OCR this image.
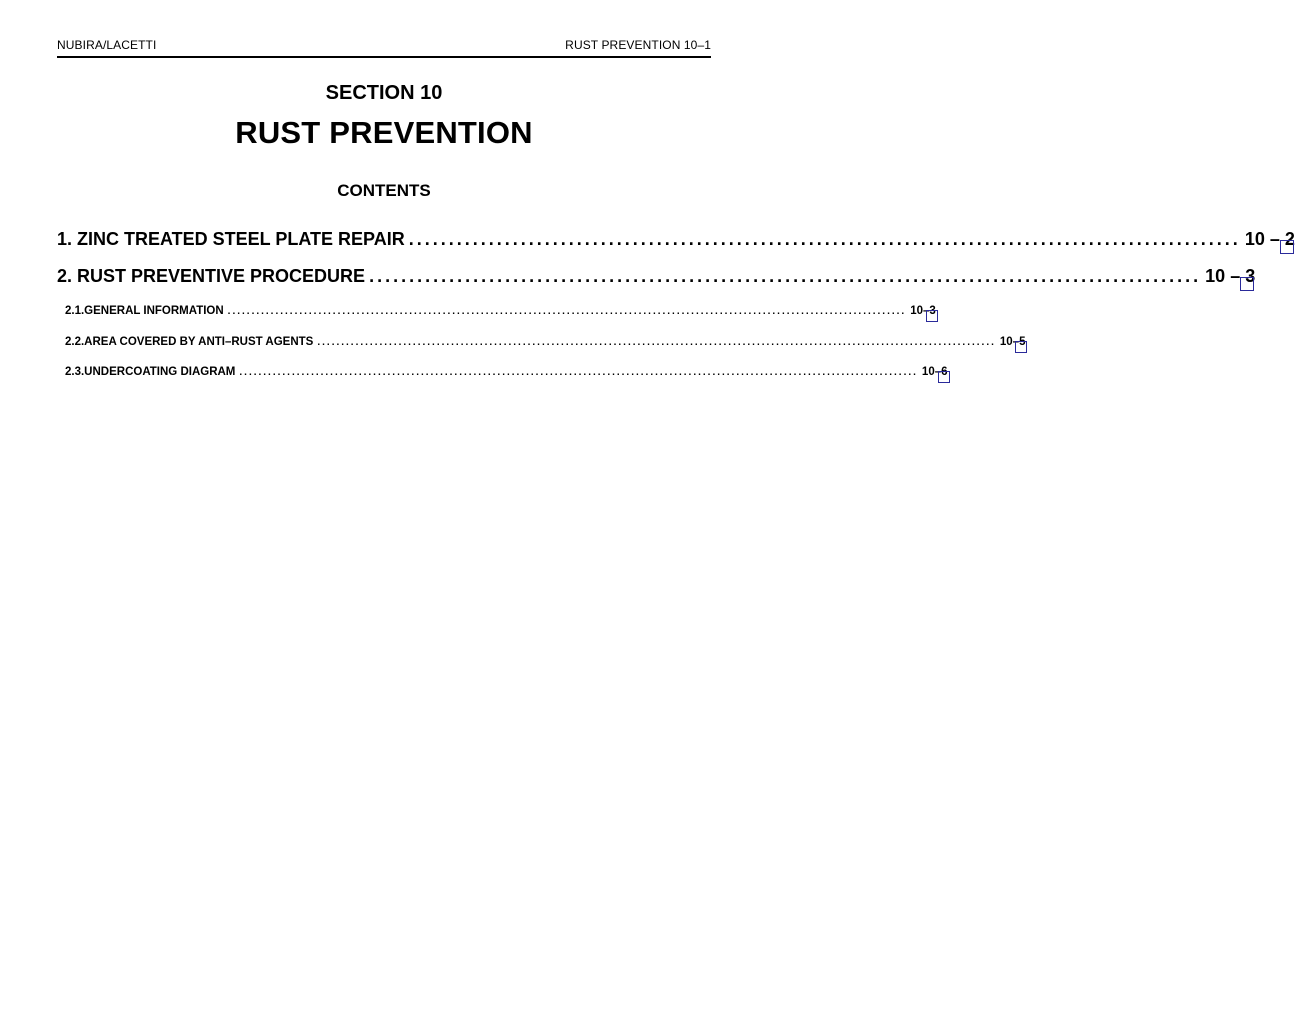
NUBIRA/LACETTI	RUST PREVENTION 10–1
SECTION 10
RUST PREVENTION
CONTENTS
1. ZINC TREATED STEEL PLATE REPAIR ........................................................................................................ 10 – 2
2. RUST PREVENTIVE PROCEDURE ........................................................................................................ 10 – 3
2.1.GENERAL INFORMATION .............................................................................................................................................. 10–3
2.2.AREA COVERED BY ANTI–RUST AGENTS .............................................................................................................................................. 10–5
2.3.UNDERCOATING DIAGRAM .............................................................................................................................................. 10–6
